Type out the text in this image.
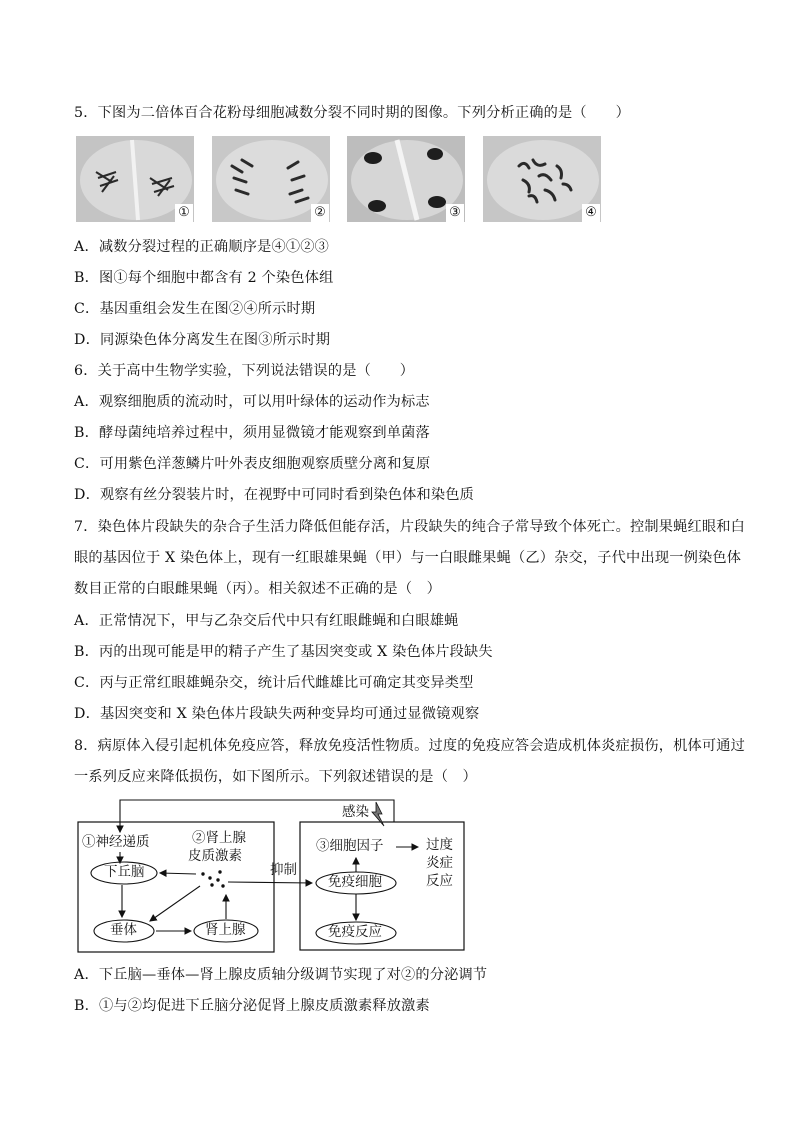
5．下图为二倍体百合花粉母细胞减数分裂不同时期的图像。下列分析正确的是（　　）
①	②	③	④
A．减数分裂过程的正确顺序是④①②③
B．图①每个细胞中都含有 2 个染色体组
C．基因重组会发生在图②④所示时期
D．同源染色体分离发生在图③所示时期
6．关于高中生物学实验，下列说法错误的是（　　）
A．观察细胞质的流动时，可以用叶绿体的运动作为标志
B．酵母菌纯培养过程中，须用显微镜才能观察到单菌落
C．可用紫色洋葱鳞片叶外表皮细胞观察质壁分离和复原
D．观察有丝分裂装片时，在视野中可同时看到染色体和染色质
7．染色体片段缺失的杂合子生活力降低但能存活，片段缺失的纯合子常导致个体死亡。控制果蝇红眼和白
眼的基因位于 X 染色体上，现有一红眼雄果蝇（甲）与一白眼雌果蝇（乙）杂交，子代中出现一例染色体
数目正常的白眼雌果蝇（丙）。相关叙述不正确的是（　）
A．正常情况下，甲与乙杂交后代中只有红眼雌蝇和白眼雄蝇
B．丙的出现可能是甲的精子产生了基因突变或 X 染色体片段缺失
C．丙与正常红眼雄蝇杂交，统计后代雌雄比可确定其变异类型
D．基因突变和 X 染色体片段缺失两种变异均可通过显微镜观察
8．病原体入侵引起机体免疫应答，释放免疫活性物质。过度的免疫应答会造成机体炎症损伤，机体可通过
一系列反应来降低损伤，如下图所示。下列叙述错误的是（　）
感染
①神经递质	②肾上腺
皮质激素
下丘脑
垂体	肾上腺
抑制
③细胞因子	过度
炎症
反应
免疫细胞
免疫反应
A．下丘脑—垂体—肾上腺皮质轴分级调节实现了对②的分泌调节
B．①与②均促进下丘脑分泌促肾上腺皮质激素释放激素
